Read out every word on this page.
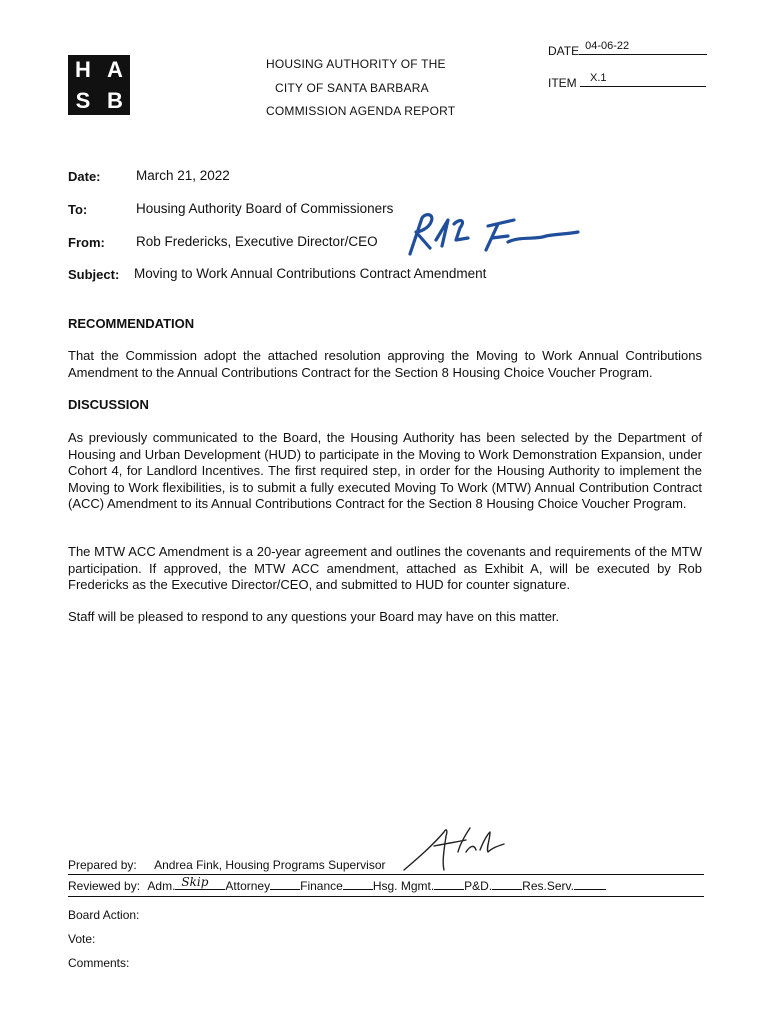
H A
S B
HOUSING AUTHORITY OF THE
CITY OF SANTA BARBARA
COMMISSION AGENDA REPORT
DATE 04-06-22
ITEM X.1
Date:	March 21, 2022
To:	Housing Authority Board of Commissioners
From: Rob Fredericks, Executive Director/CEO
Subject: Moving to Work Annual Contributions Contract Amendment
RECOMMENDATION
That the Commission adopt the attached resolution approving the Moving to Work Annual Contributions Amendment to the Annual Contributions Contract for the Section 8 Housing Choice Voucher Program.
DISCUSSION
As previously communicated to the Board, the Housing Authority has been selected by the Department of Housing and Urban Development (HUD) to participate in the Moving to Work Demonstration Expansion, under Cohort 4, for Landlord Incentives. The first required step, in order for the Housing Authority to implement the Moving to Work flexibilities, is to submit a fully executed Moving To Work (MTW) Annual Contribution Contract (ACC) Amendment to its Annual Contributions Contract for the Section 8 Housing Choice Voucher Program.
The MTW ACC Amendment is a 20-year agreement and outlines the covenants and requirements of the MTW participation. If approved, the MTW ACC amendment, attached as Exhibit A, will be executed by Rob Fredericks as the Executive Director/CEO, and submitted to HUD for counter signature.
Staff will be pleased to respond to any questions your Board may have on this matter.
Prepared by: Andrea Fink, Housing Programs Supervisor
Reviewed by: Adm. Skip Attorney	Finance	Hsg. Mgmt.	P&D.	Res.Serv.
Board Action:
Vote:
Comments:
